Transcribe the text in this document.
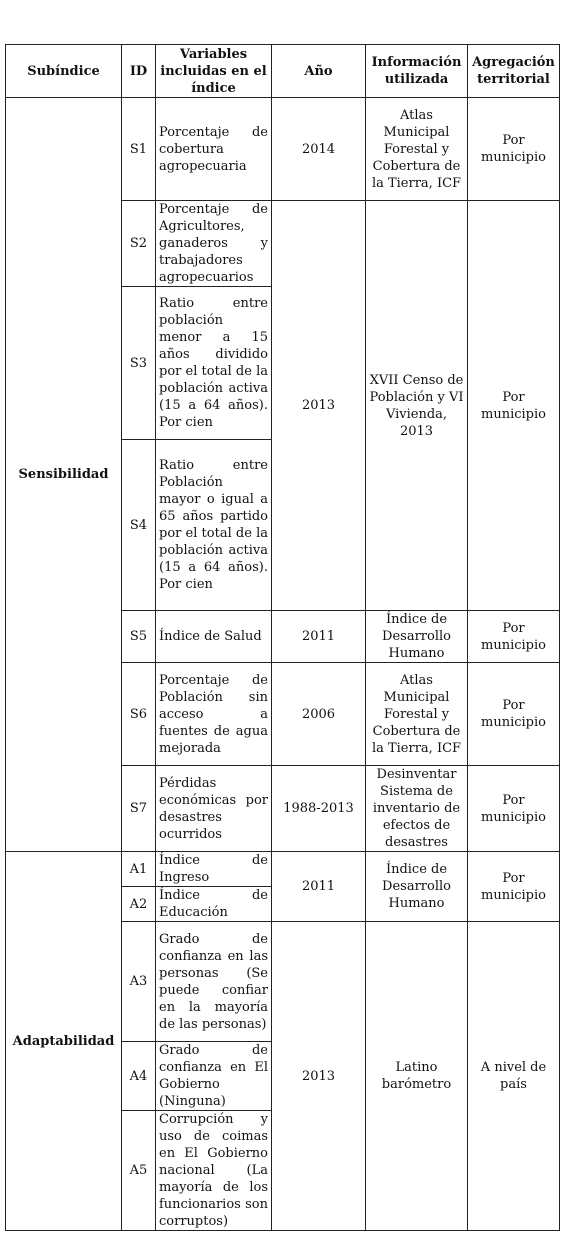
Subíndice	ID	Variables incluidas en el índice	Año	Información utilizada	Agregación territorial
Sensibilidad	S1	Porcentaje de cobertura agropecuaria	2014	Atlas Municipal Forestal y Cobertura de la Tierra, ICF	Por municipio
	S2	Porcentaje de Agricultores, ganaderos y trabajadores agropecuarios	2013	XVII Censo de Población y VI Vivienda, 2013	Por municipio
	S3	Ratio entre población menor a 15 años dividido por el total de la población activa (15 a 64 años). Por cien			
	S4	Ratio entre Población mayor o igual a 65 años partido por el total de la población activa (15 a 64 años). Por cien			
	S5	Índice de Salud	2011	Índice de Desarrollo Humano	Por municipio
	S6	Porcentaje de Población sin acceso a fuentes de agua mejorada	2006	Atlas Municipal Forestal y Cobertura de la Tierra, ICF	Por municipio
	S7	Pérdidas económicas por desastres ocurridos	1988-2013	Desinventar Sistema de inventario de efectos de desastres	Por municipio
Adaptabilidad	A1	Índice de Ingreso	2011	Índice de Desarrollo Humano	Por municipio
	A2	Índice de Educación			
	A3	Grado de confianza en las personas (Se puede confiar en la mayoría de las personas)	2013	Latino barómetro	A nivel de país
	A4	Grado de confianza en El Gobierno (Ninguna)			
	A5	Corrupción y uso de coimas en El Gobierno nacional (La mayoría de los funcionarios son corruptos)			
